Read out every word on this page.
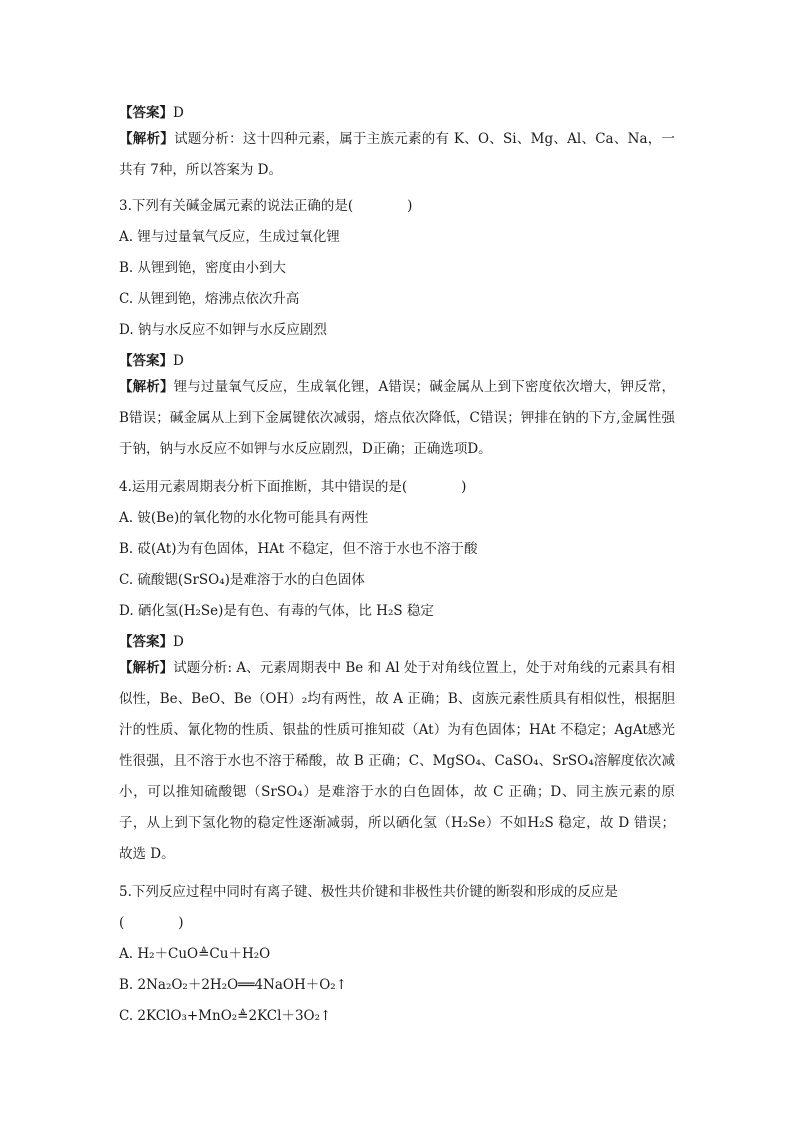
【答案】D
【解析】试题分析：这十四种元素，属于主族元素的有 K、O、Si、Mg、Al、Ca、Na，一共有 7种，所以答案为 D。
3.下列有关碱金属元素的说法正确的是(　　　　)
A. 锂与过量氧气反应，生成过氧化锂
B. 从锂到铯，密度由小到大
C. 从锂到铯，熔沸点依次升高
D. 钠与水反应不如钾与水反应剧烈
【答案】D
【解析】锂与过量氧气反应，生成氧化锂，A错误；碱金属从上到下密度依次增大，钾反常，B错误；碱金属从上到下金属键依次减弱，熔点依次降低，C错误；钾排在钠的下方,金属性强于钠，钠与水反应不如钾与水反应剧烈，D正确；正确选项D。
4.运用元素周期表分析下面推断，其中错误的是(　　　　)
A. 铍(Be)的氧化物的水化物可能具有两性
B. 砹(At)为有色固体，HAt 不稳定，但不溶于水也不溶于酸
C. 硫酸锶(SrSO₄)是难溶于水的白色固体
D. 硒化氢(H₂Se)是有色、有毒的气体，比 H₂S 稳定
【答案】D
【解析】试题分析: A、元素周期表中 Be 和 Al 处于对角线位置上，处于对角线的元素具有相似性，Be、BeO、Be（OH）₂均有两性，故 A 正确；B、卤族元素性质具有相似性，根据胆汁的性质、氰化物的性质、银盐的性质可推知砹（At）为有色固体；HAt 不稳定；AgAt感光性很强，且不溶于水也不溶于稀酸，故 B 正确；C、MgSO₄、CaSO₄、SrSO₄溶解度依次减小，可以推知硫酸锶（SrSO₄）是难溶于水的白色固体，故 C 正确；D、同主族元素的原子，从上到下氢化物的稳定性逐渐减弱，所以硒化氢（H₂Se）不如H₂S 稳定，故 D 错误；故选 D。
5.下列反应过程中同时有离子键、极性共价键和非极性共价键的断裂和形成的反应是
(　　　　)
A. H₂＋CuO≜Cu＋H₂O
B. 2Na₂O₂＋2H₂O══4NaOH＋O₂↑
C. 2KClO₃+MnO₂≜2KCl＋3O₂↑
